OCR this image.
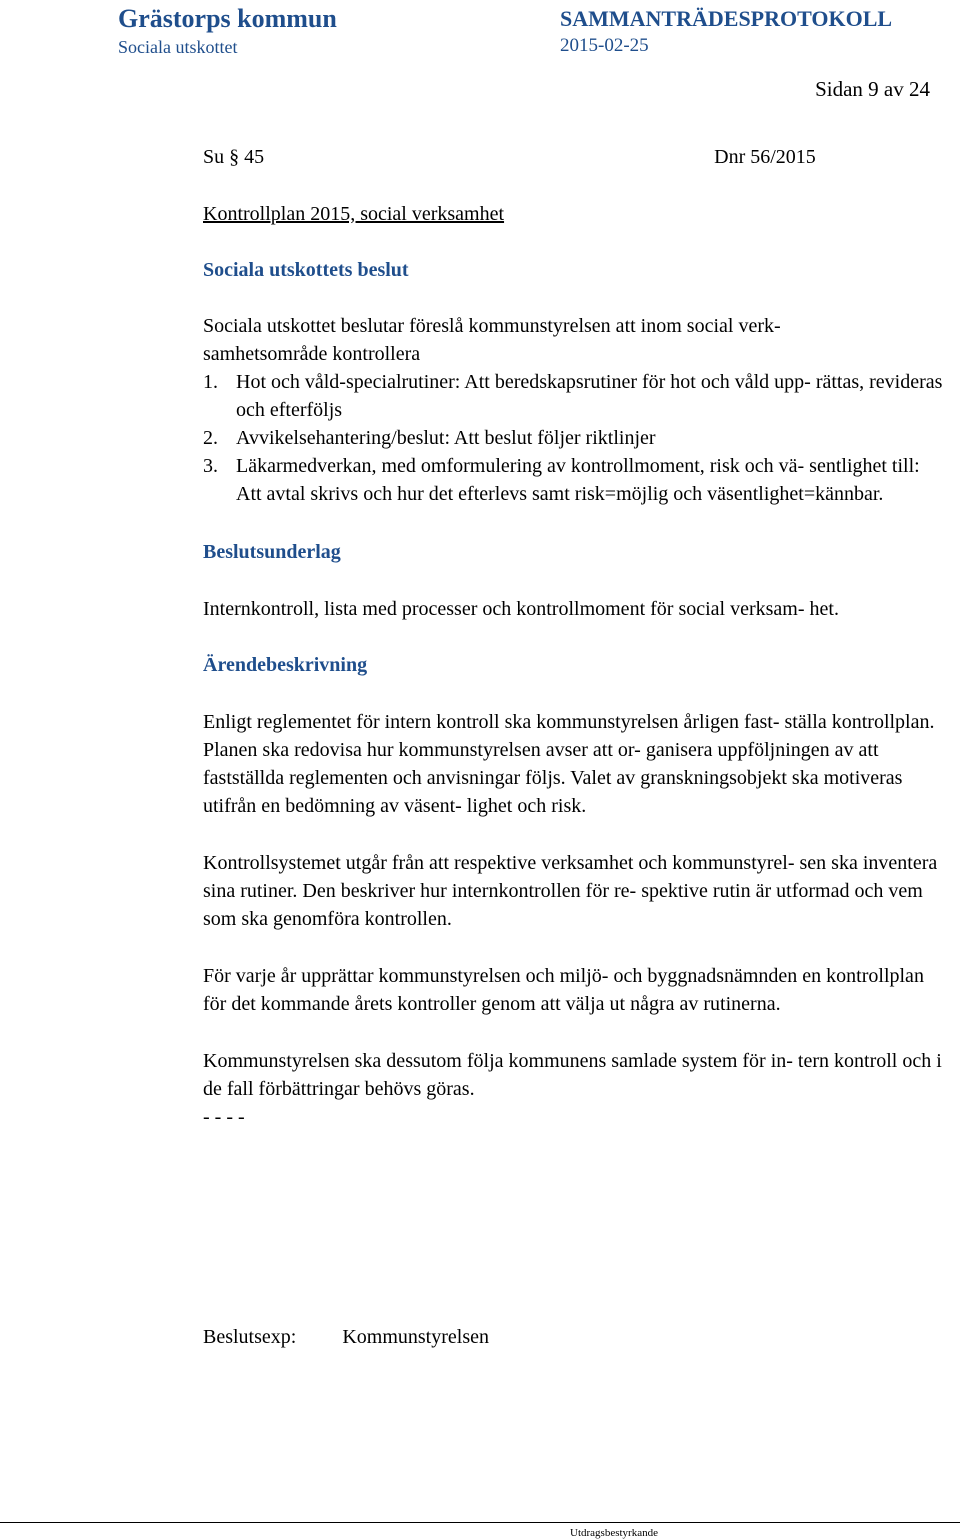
Grästorps kommun
Sociala utskottet
SAMMANTRÄDESPROTOKOLL
2015-02-25
Sidan 9 av 24
Su § 45	Dnr 56/2015

Kontrollplan 2015, social verksamhet

Sociala utskottets beslut

Sociala utskottet beslutar föreslå kommunstyrelsen att inom social verk-
samhetsområde kontrollera

1. Hot och våld-specialrutiner: Att beredskapsrutiner för hot och våld upp- rättas, revideras och efterföljs
2. Avvikelsehantering/beslut: Att beslut följer riktlinjer
3. Läkarmedverkan, med omformulering av kontrollmoment, risk och vä- sentlighet till: Att avtal skrivs och hur det efterlevs samt risk=möjlig och väsentlighet=kännbar.

Beslutsunderlag

Internkontroll, lista med processer och kontrollmoment för social verksam- het.

Ärendebeskrivning

Enligt reglementet för intern kontroll ska kommunstyrelsen årligen fast- ställa kontrollplan. Planen ska redovisa hur kommunstyrelsen avser att or- ganisera uppföljningen av att fastställda reglementen och anvisningar följs. Valet av granskningsobjekt ska motiveras utifrån en bedömning av väsent- lighet och risk.

Kontrollsystemet utgår från att respektive verksamhet och kommunstyrel- sen ska inventera sina rutiner. Den beskriver hur internkontrollen för re- spektive rutin är utformad och vem som ska genomföra kontrollen.

För varje år upprättar kommunstyrelsen och miljö- och byggnadsnämnden en kontrollplan för det kommande årets kontroller genom att välja ut några av rutinerna.

Kommunstyrelsen ska dessutom följa kommunens samlade system för in- tern kontroll och i de fall förbättringar behövs göras.

- - - -

Beslutsexp: Kommunstyrelsen
Utdragsbestyrkande
